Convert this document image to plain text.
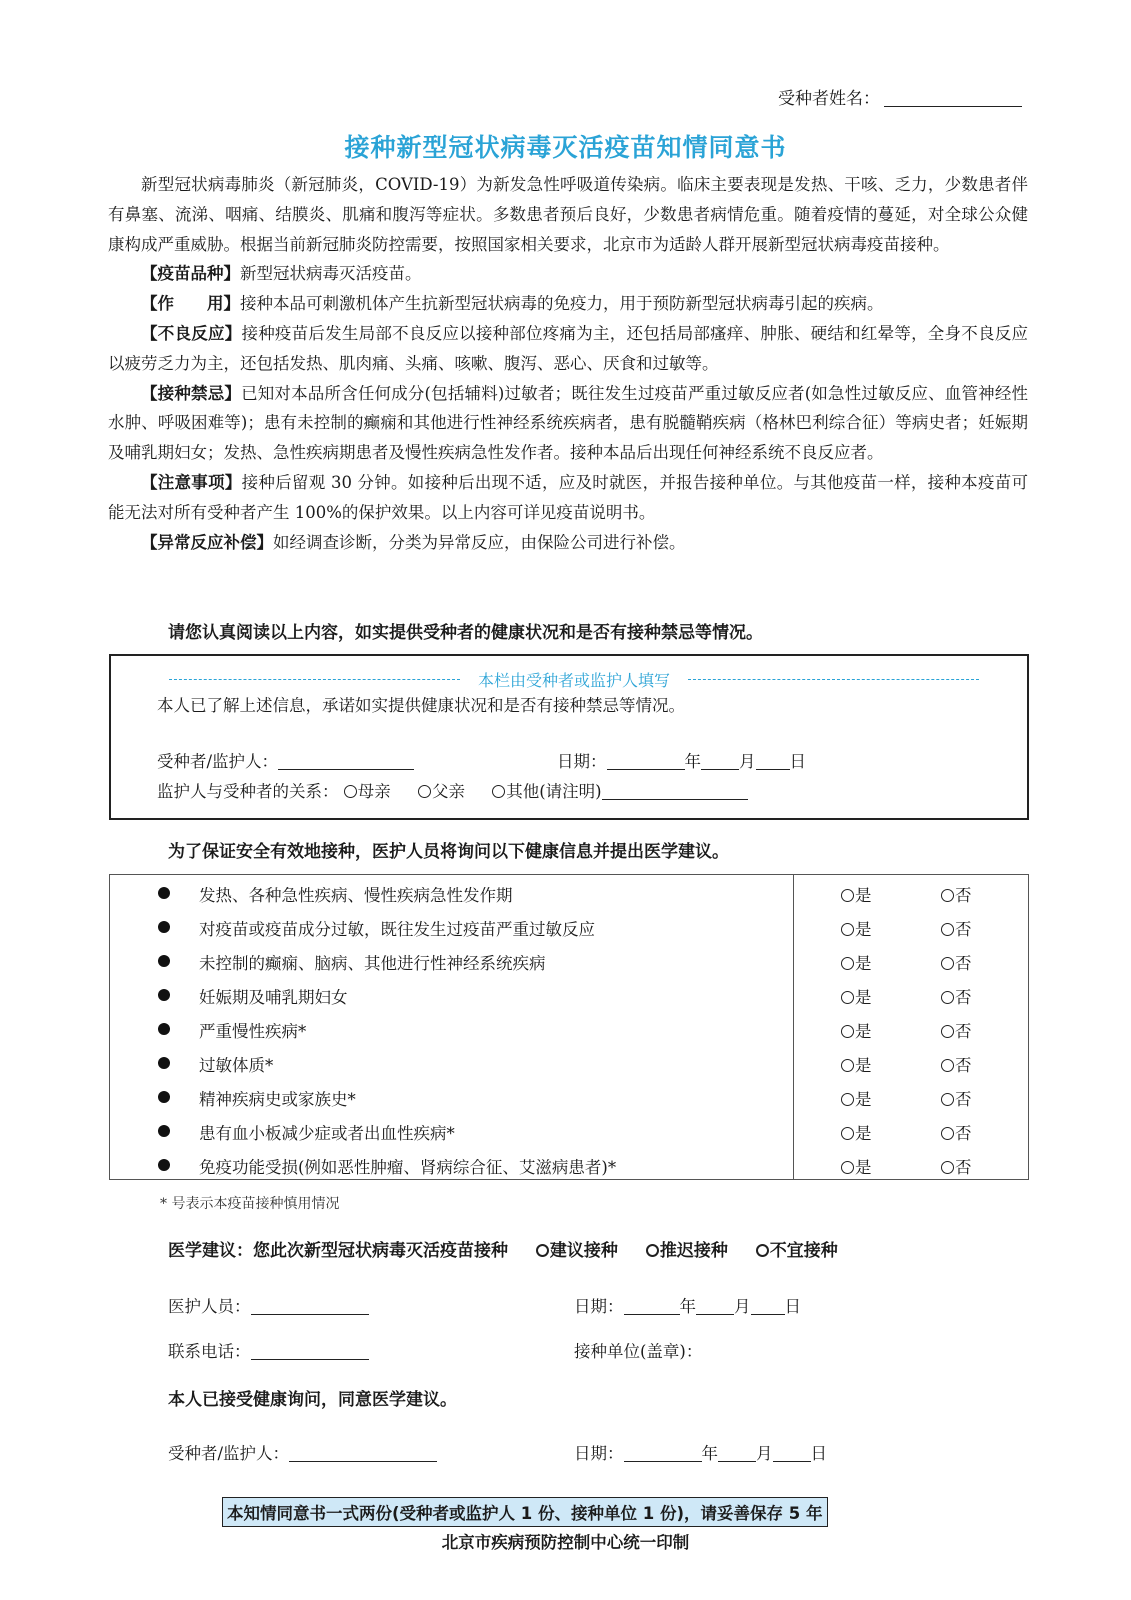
受种者姓名：
接种新型冠状病毒灭活疫苗知情同意书

新型冠状病毒肺炎（新冠肺炎，COVID-19）为新发急性呼吸道传染病。临床主要表现是发热、干咳、乏力，少数患者伴有鼻塞、流涕、咽痛、结膜炎、肌痛和腹泻等症状。多数患者预后良好，少数患者病情危重。随着疫情的蔓延，对全球公众健康构成严重威胁。根据当前新冠肺炎防控需要，按照国家相关要求，北京市为适龄人群开展新型冠状病毒疫苗接种。

【疫苗品种】新型冠状病毒灭活疫苗。

【作　　用】接种本品可刺激机体产生抗新型冠状病毒的免疫力，用于预防新型冠状病毒引起的疾病。

【不良反应】接种疫苗后发生局部不良反应以接种部位疼痛为主，还包括局部瘙痒、肿胀、硬结和红晕等，全身不良反应以疲劳乏力为主，还包括发热、肌肉痛、头痛、咳嗽、腹泻、恶心、厌食和过敏等。

【接种禁忌】已知对本品所含任何成分(包括辅料)过敏者；既往发生过疫苗严重过敏反应者(如急性过敏反应、血管神经性水肿、呼吸困难等)；患有未控制的癫痫和其他进行性神经系统疾病者，患有脱髓鞘疾病（格林巴利综合征）等病史者；妊娠期及哺乳期妇女；发热、急性疾病期患者及慢性疾病急性发作者。接种本品后出现任何神经系统不良反应者。

【注意事项】接种后留观 30 分钟。如接种后出现不适，应及时就医，并报告接种单位。与其他疫苗一样，接种本疫苗可能无法对所有受种者产生 100%的保护效果。以上内容可详见疫苗说明书。

【异常反应补偿】如经调查诊断，分类为异常反应，由保险公司进行补偿。

请您认真阅读以上内容，如实提供受种者的健康状况和是否有接种禁忌等情况。
本栏由受种者或监护人填写
本人已了解上述信息，承诺如实提供健康状况和是否有接种禁忌等情况。
受种者/监护人：	日期：	年 月 日
监护人与受种者的关系： 母亲	父亲	其他(请注明)
为了保证安全有效地接种，医护人员将询问以下健康信息并提出医学建议。
发热、各种急性疾病、慢性疾病急性发作期	是	否
对疫苗或疫苗成分过敏，既往发生过疫苗严重过敏反应	是	否
未控制的癫痫、脑病、其他进行性神经系统疾病	是	否
妊娠期及哺乳期妇女	是	否
严重慢性疾病*	是	否
过敏体质*	是	否
精神疾病史或家族史*	是	否
患有血小板减少症或者出血性疾病*	是	否
免疫功能受损(例如恶性肿瘤、肾病综合征、艾滋病患者)*	是	否
* 号表示本疫苗接种慎用情况
医学建议：您此次新型冠状病毒灭活疫苗接种 建议接种 推迟接种 不宜接种
医护人员：	日期：	年 月 日
联系电话：	接种单位(盖章)：
本人已接受健康询问，同意医学建议。
受种者/监护人：	日期：	年 月 日
本知情同意书一式两份(受种者或监护人 1 份、接种单位 1 份)，请妥善保存 5 年
北京市疾病预防控制中心统一印制
